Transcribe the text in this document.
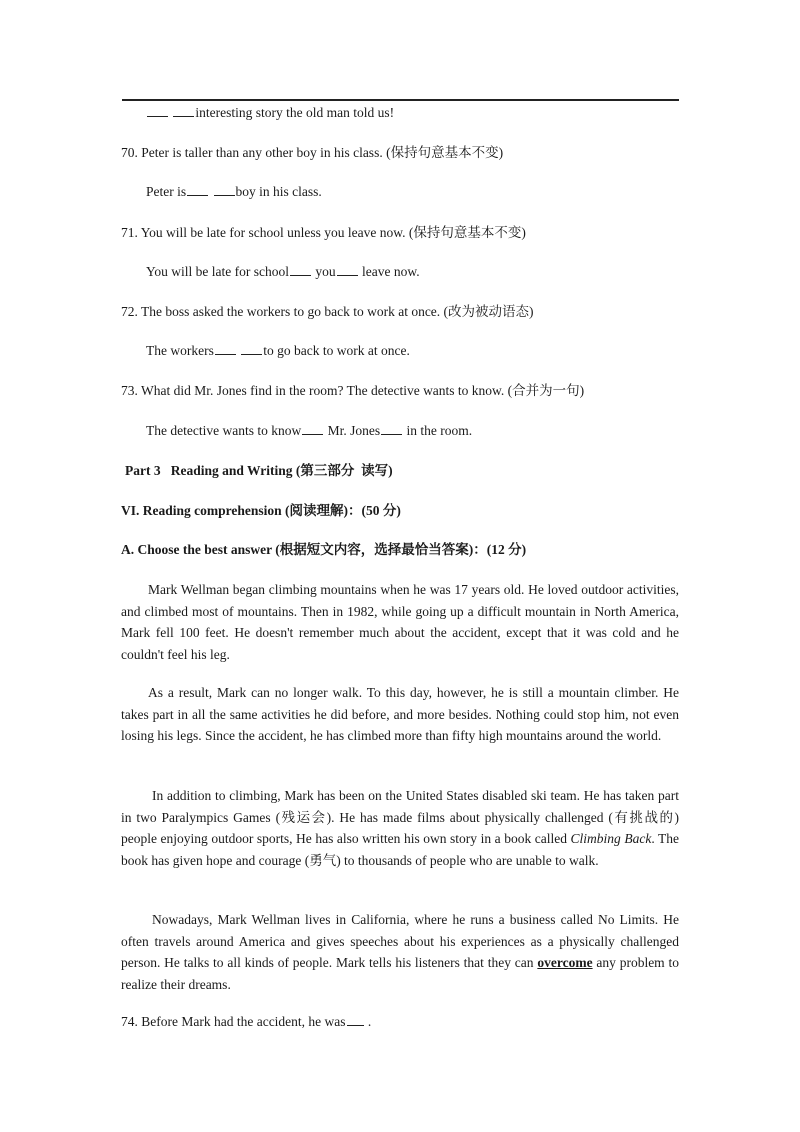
interesting story the old man told us!
70. Peter is taller than any other boy in his class. (保持句意基本不变)
Peter is	boy in his class.
71. You will be late for school unless you leave now. (保持句意基本不变)
You will be late for school you leave now.
72. The boss asked the workers to go back to work at once. (改为被动语态)
The workers	to go back to work at once.
73. What did Mr. Jones find in the room? The detective wants to know. (合并为一句)
The detective wants to know Mr. Jones in the room.
Part 3   Reading and Writing (第三部分  读写)
VI. Reading comprehension (阅读理解)：(50 分)
A. Choose the best answer (根据短文内容，选择最恰当答案)：(12 分)

Mark Wellman began climbing mountains when he was 17 years old. He loved outdoor activities, and climbed most of mountains. Then in 1982, while going up a difficult mountain in North America, Mark fell 100 feet. He doesn't remember much about the accident, except that it was cold and he couldn't feel his leg.

As a result, Mark can no longer walk. To this day, however, he is still a mountain climber. He takes part in all the same activities he did before, and more besides. Nothing could stop him, not even losing his legs. Since the accident, he has climbed more than fifty high mountains around the world.

In addition to climbing, Mark has been on the United States disabled ski team. He has taken part in two Paralympics Games (残运会). He has made films about physically challenged (有挑战的) people enjoying outdoor sports, He has also written his own story in a book called Climbing Back. The book has given hope and courage (勇气) to thousands of people who are unable to walk.

Nowadays, Mark Wellman lives in California, where he runs a business called No Limits. He often travels around America and gives speeches about his experiences as a physically challenged person. He talks to all kinds of people. Mark tells his listeners that they can overcome any problem to realize their dreams.

74. Before Mark had the accident, he was .
